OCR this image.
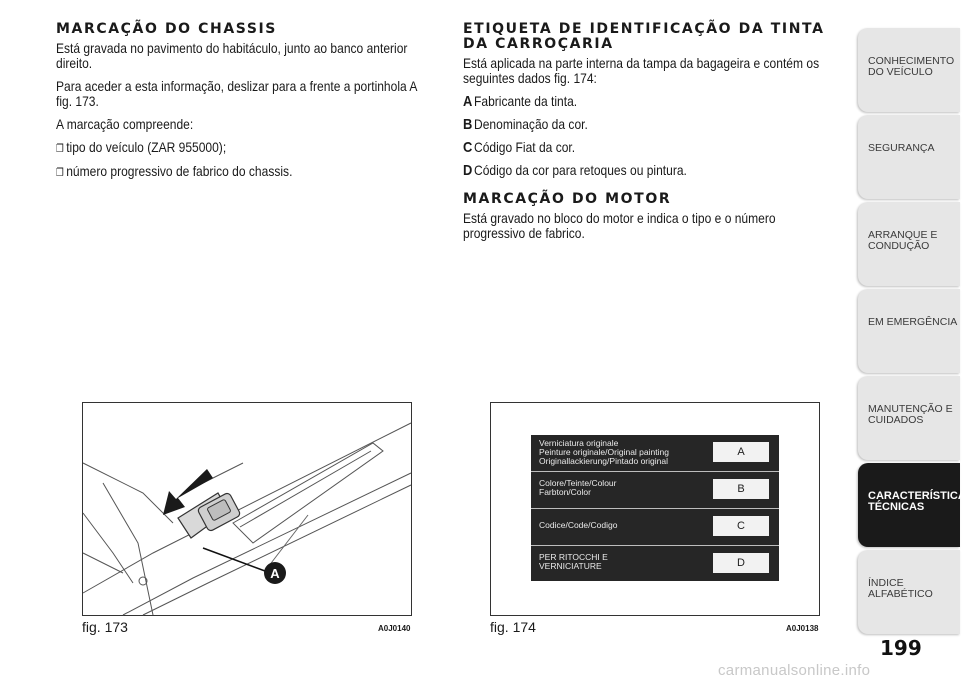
MARCAÇÃO DO CHASSIS

Está gravada no pavimento do habitáculo, junto ao banco anterior direito.

Para aceder a esta informação, deslizar para a frente a portinhola A fig. 173.

A marcação compreende:

❐ tipo do veículo (ZAR 955000);

❐ número progressivo de fabrico do chassis.

ETIQUETA DE IDENTIFICAÇÃO DA TINTA DA CARROÇARIA

Está aplicada na parte interna da tampa da bagageira e contém os seguintes dados fig. 174:

A Fabricante da tinta.

B Denominação da cor.

C Código Fiat da cor.

D Código da cor para retoques ou pintura.

MARCAÇÃO DO MOTOR

Está gravado no bloco do motor e indica o tipo e o número progressivo de fabrico.

A
fig. 173	A0J0140
Verniciatura originale
Peinture originale/Original painting
Originallackierung/Pintado original
A
Colore/Teinte/Colour
Farbton/Color	B
Codice/Code/Codigo	C
PER RITOCCHI E
VERNICIATURE	D
fig. 174	A0J0138
CONHECIMENTO DO VEÍCULO
SEGURANÇA
ARRANQUE E CONDUÇÃO
EM EMERGÊNCIA
MANUTENÇÃO E CUIDADOS
CARACTERÍSTICAS TÉCNICAS
ÍNDICE ALFABÉTICO
199
carmanualsonline.info
